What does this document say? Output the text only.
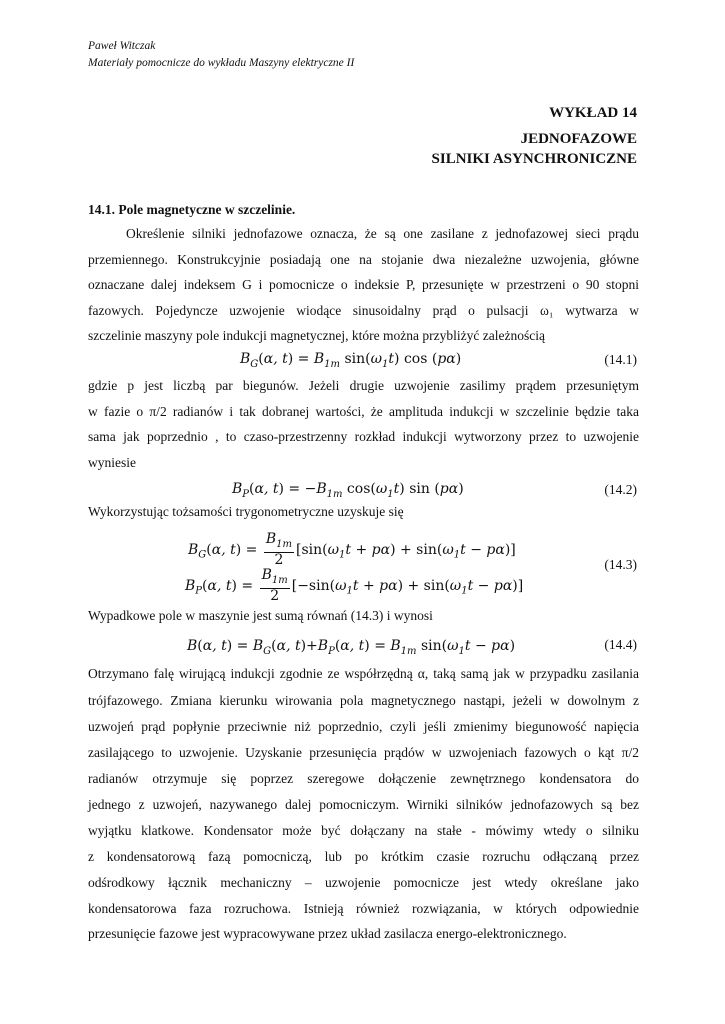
Paweł Witczak
Materiały pomocnicze do wykładu Maszyny elektryczne II
WYKŁAD 14
JEDNOFAZOWE
SILNIKI ASYNCHRONICZNE
14.1. Pole magnetyczne w szczelinie.
Określenie silniki jednofazowe oznacza, że są one zasilane z jednofazowej sieci prądu
przemiennego. Konstrukcyjnie posiadają one na stojanie dwa niezależne uzwojenia, główne
oznaczane dalej indeksem G i pomocnicze o indeksie P, przesunięte w przestrzeni o 90 stopni
fazowych. Pojedyncze uzwojenie wiodące sinusoidalny prąd o pulsacji ω₁ wytwarza w
szczelinie maszyny pole indukcji magnetycznej, które można przybliżyć zależnością
$B_G(\alpha$, $t) = B_{1m}$ $\sin(\omega_1t)$ cos (pα)	(14.1)
gdzie p jest liczbą par biegunów. Jeżeli drugie uzwojenie zasilimy prądem przesuniętym
w fazie o π/2 radianów i tak dobranej wartości, że amplituda indukcji w szczelinie będzie taka
sama jak poprzednio , to czaso-przestrzenny rozkład indukcji wytworzony przez to uzwojenie
wyniesie
$B_P(\alpha$, $t) = -B_{1m}$ $\cos(\omega_1t)$ sin (pα)	(14.2)
Wykorzystując tożsamości trygonometryczne uzyskuje się
$B_G(\alpha$, $t) = \frac{B_{1m}}{2} [\sin(\omega_1t + p\alpha) + \sin(\omega_1t - p\alpha)]$
$B_P(\alpha$, $t) = \frac{B_{1m}}{2} [-\sin(\omega_1t + p\alpha) + \sin(\omega_1t - p\alpha)]$
(14.3)
Wypadkowe pole w maszynie jest sumą równań (14.3) i wynosi
B(α, $t) = B_G(\alpha$, $t)+B_P(\alpha$, $t) = B_{1m}$ $\sin(\omega_1t - p\alpha)$	(14.4)
Otrzymano falę wirującą indukcji zgodnie ze współrzędną α, taką samą jak w przypadku zasilania
trójfazowego. Zmiana kierunku wirowania pola magnetycznego nastąpi, jeżeli w dowolnym z
uzwojeń prąd popłynie przeciwnie niż poprzednio, czyli jeśli zmienimy biegunowość napięcia
zasilającego to uzwojenie. Uzyskanie przesunięcia prądów w uzwojeniach fazowych o kąt π/2
radianów otrzymuje się poprzez szeregowe dołączenie zewnętrznego kondensatora do
jednego z uzwojeń, nazywanego dalej pomocniczym. Wirniki silników jednofazowych są bez
wyjątku klatkowe. Kondensator może być dołączany na stałe - mówimy wtedy o silniku
z kondensatorową fazą pomocniczą, lub po krótkim czasie rozruchu odłączaną przez
odśrodkowy łącznik mechaniczny – uzwojenie pomocnicze jest wtedy określane jako
kondensatorowa faza rozruchowa. Istnieją również rozwiązania, w których odpowiednie
przesunięcie fazowe jest wypracowywane przez układ zasilacza energo-elektronicznego.
